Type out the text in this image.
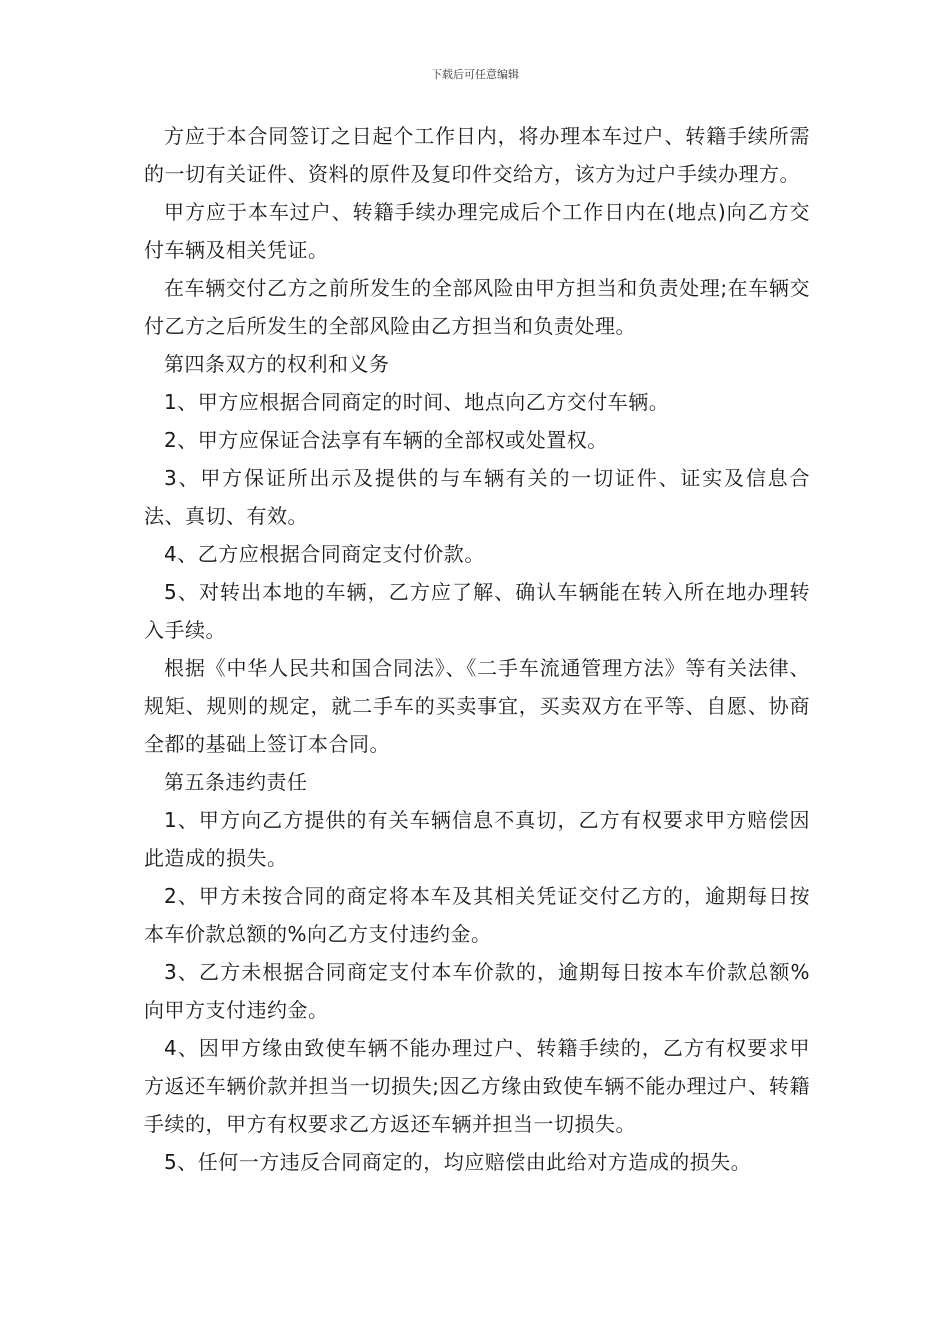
下载后可任意编辑

方应于本合同签订之日起个工作日内，将办理本车过户、转籍手续所需的一切有关证件、资料的原件及复印件交给方，该方为过户手续办理方。

甲方应于本车过户、转籍手续办理完成后个工作日内在(地点)向乙方交付车辆及相关凭证。

在车辆交付乙方之前所发生的全部风险由甲方担当和负责处理;在车辆交付乙方之后所发生的全部风险由乙方担当和负责处理。

第四条双方的权利和义务

1、甲方应根据合同商定的时间、地点向乙方交付车辆。

2、甲方应保证合法享有车辆的全部权或处置权。

3、甲方保证所出示及提供的与车辆有关的一切证件、证实及信息合法、真切、有效。

4、乙方应根据合同商定支付价款。

5、对转出本地的车辆，乙方应了解、确认车辆能在转入所在地办理转入手续。

根据《中华人民共和国合同法》、《二手车流通管理方法》等有关法律、规矩、规则的规定，就二手车的买卖事宜，买卖双方在平等、自愿、协商全都的基础上签订本合同。

第五条违约责任

1、甲方向乙方提供的有关车辆信息不真切，乙方有权要求甲方赔偿因此造成的损失。

2、甲方未按合同的商定将本车及其相关凭证交付乙方的，逾期每日按本车价款总额的%向乙方支付违约金。

3、乙方未根据合同商定支付本车价款的，逾期每日按本车价款总额%向甲方支付违约金。

4、因甲方缘由致使车辆不能办理过户、转籍手续的，乙方有权要求甲方返还车辆价款并担当一切损失;因乙方缘由致使车辆不能办理过户、转籍手续的，甲方有权要求乙方返还车辆并担当一切损失。

5、任何一方违反合同商定的，均应赔偿由此给对方造成的损失。
